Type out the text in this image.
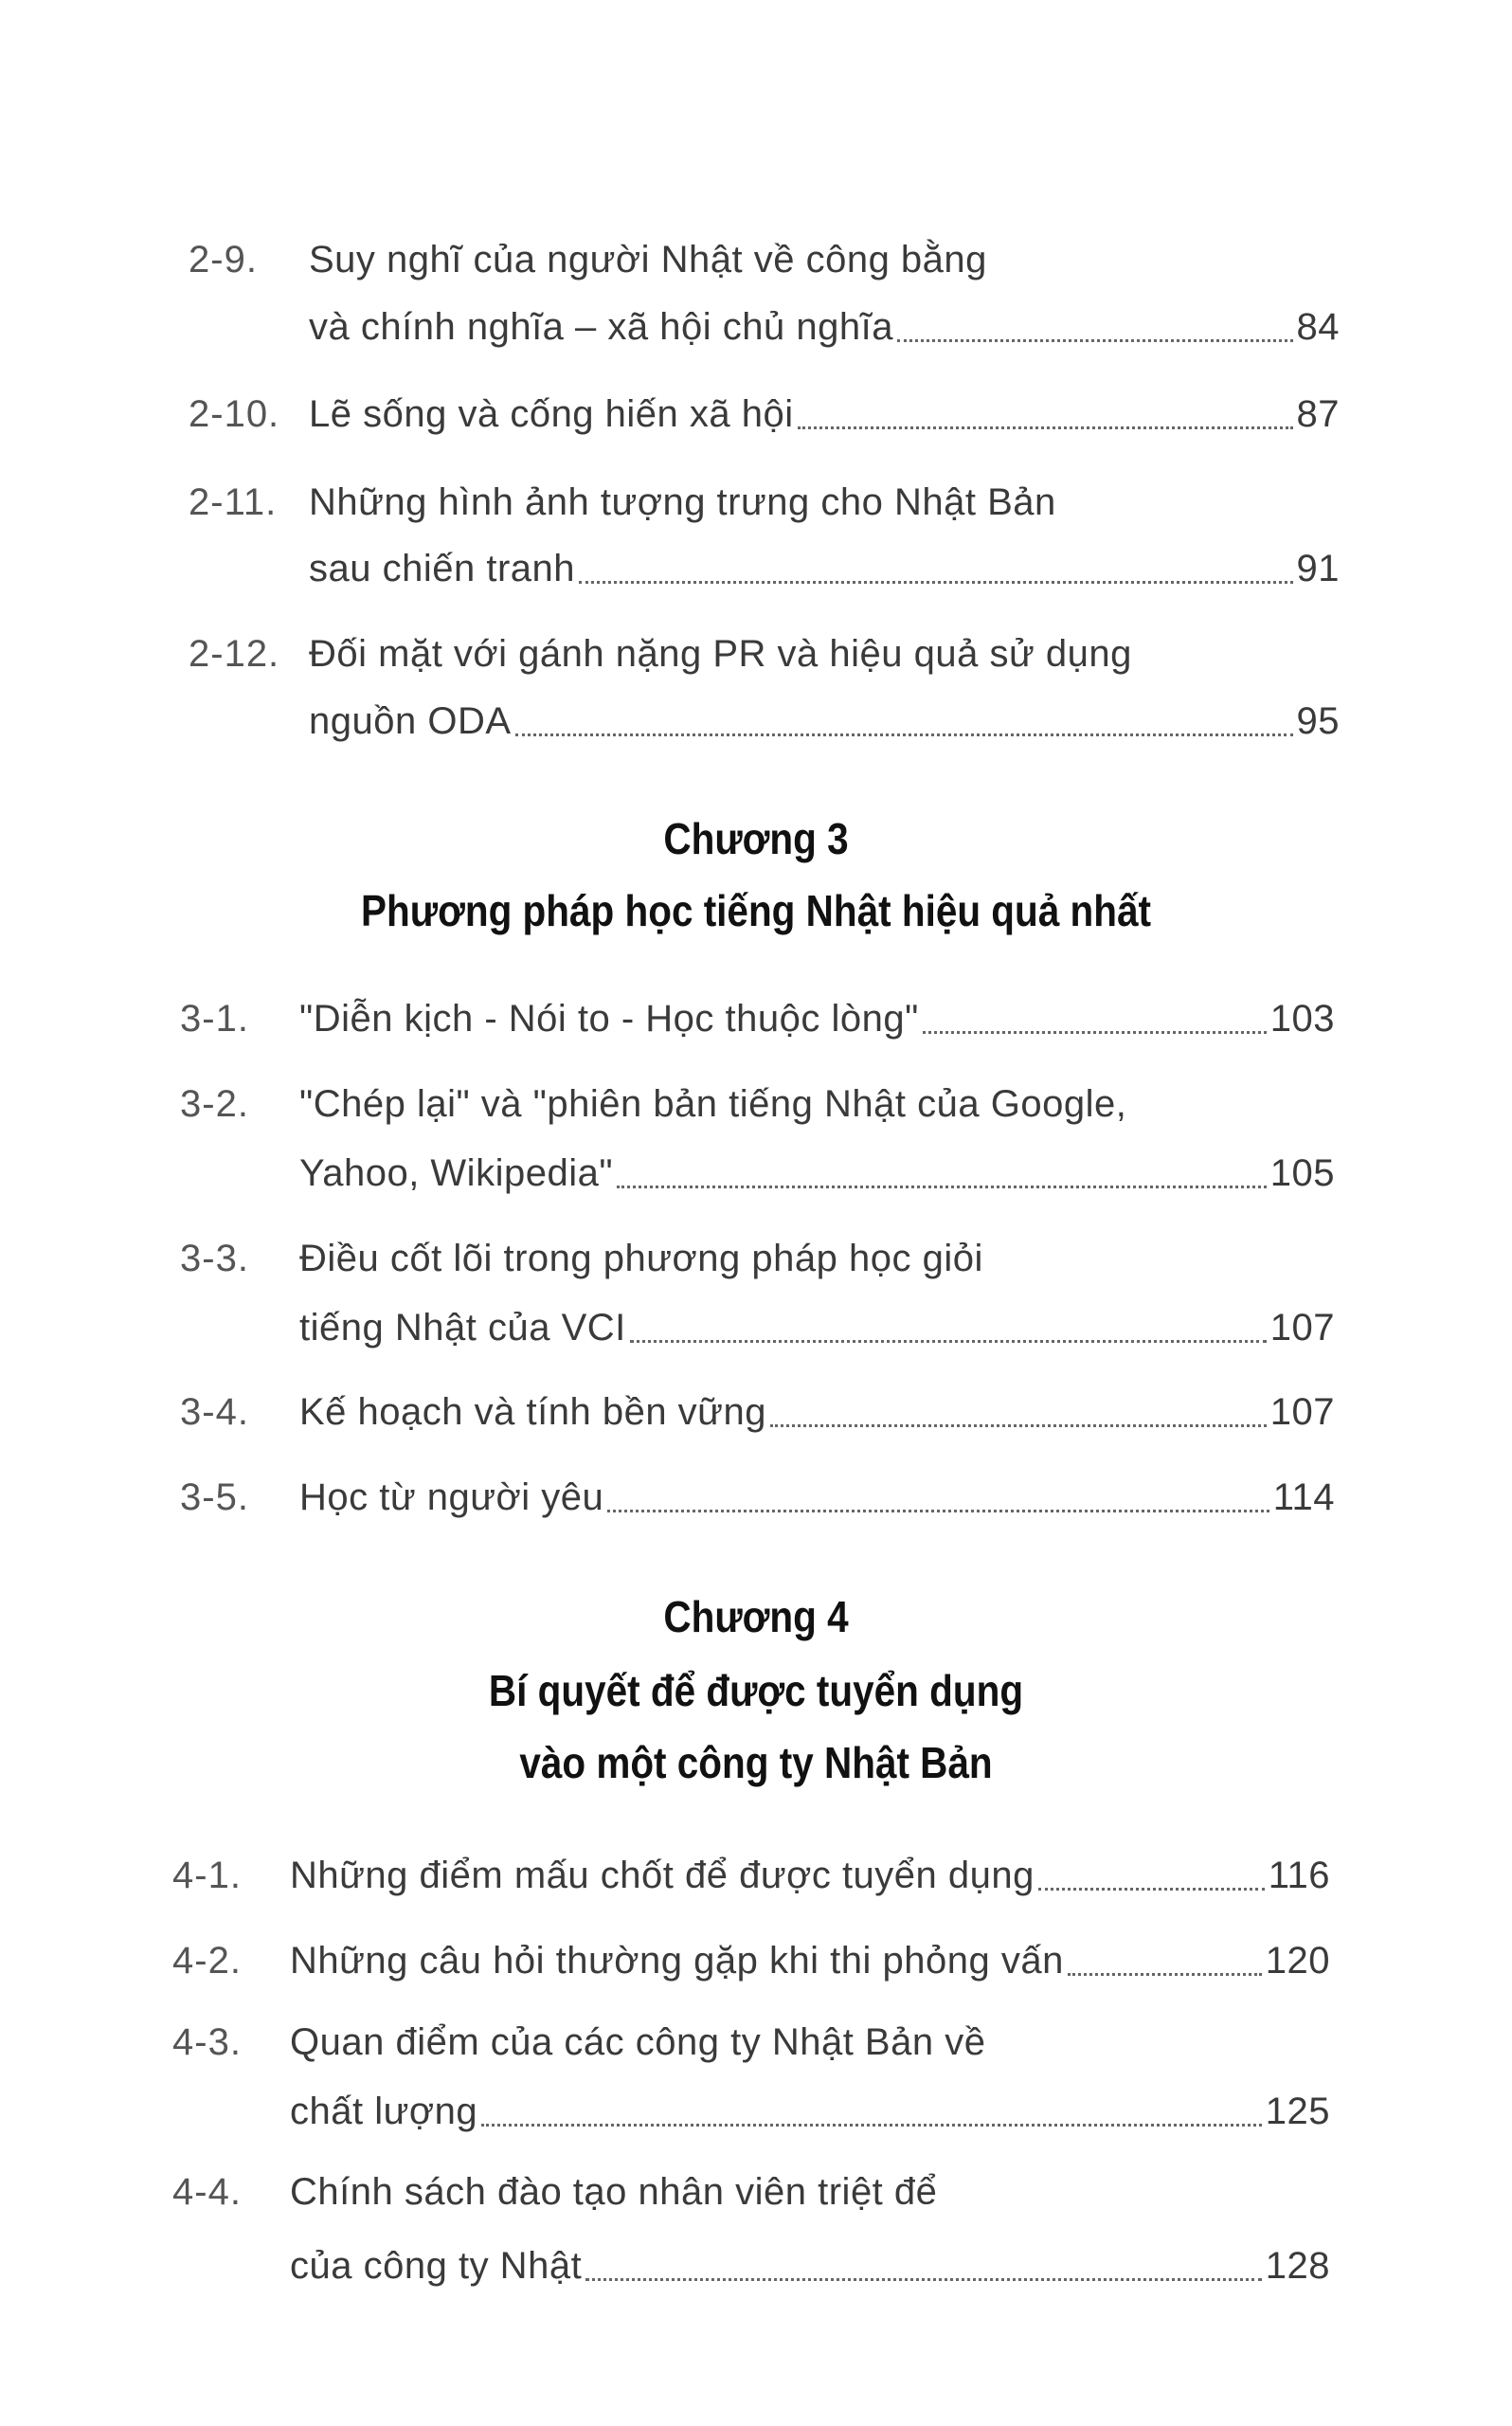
2-9. Suy nghĩ của người Nhật về công bằng
và chính nghĩa – xã hội chủ nghĩa	84
2-10. Lẽ sống và cống hiến xã hội	87
2-11. Những hình ảnh tượng trưng cho Nhật Bản
sau chiến tranh	91
2-12. Đối mặt với gánh nặng PR và hiệu quả sử dụng
nguồn ODA	95
Chương 3
Phương pháp học tiếng Nhật hiệu quả nhất
3-1. "Diễn kịch - Nói to - Học thuộc lòng"	103
3-2. "Chép lại" và "phiên bản tiếng Nhật của Google,
Yahoo, Wikipedia"	105
3-3. Điều cốt lõi trong phương pháp học giỏi
tiếng Nhật của VCI	107
3-4. Kế hoạch và tính bền vững	107
3-5. Học từ người yêu	114
Chương 4
Bí quyết để được tuyển dụng
vào một công ty Nhật Bản
4-1. Những điểm mấu chốt để được tuyển dụng	116
4-2. Những câu hỏi thường gặp khi thi phỏng vấn	120
4-3. Quan điểm của các công ty Nhật Bản về
chất lượng	125
4-4. Chính sách đào tạo nhân viên triệt để
của công ty Nhật	128
